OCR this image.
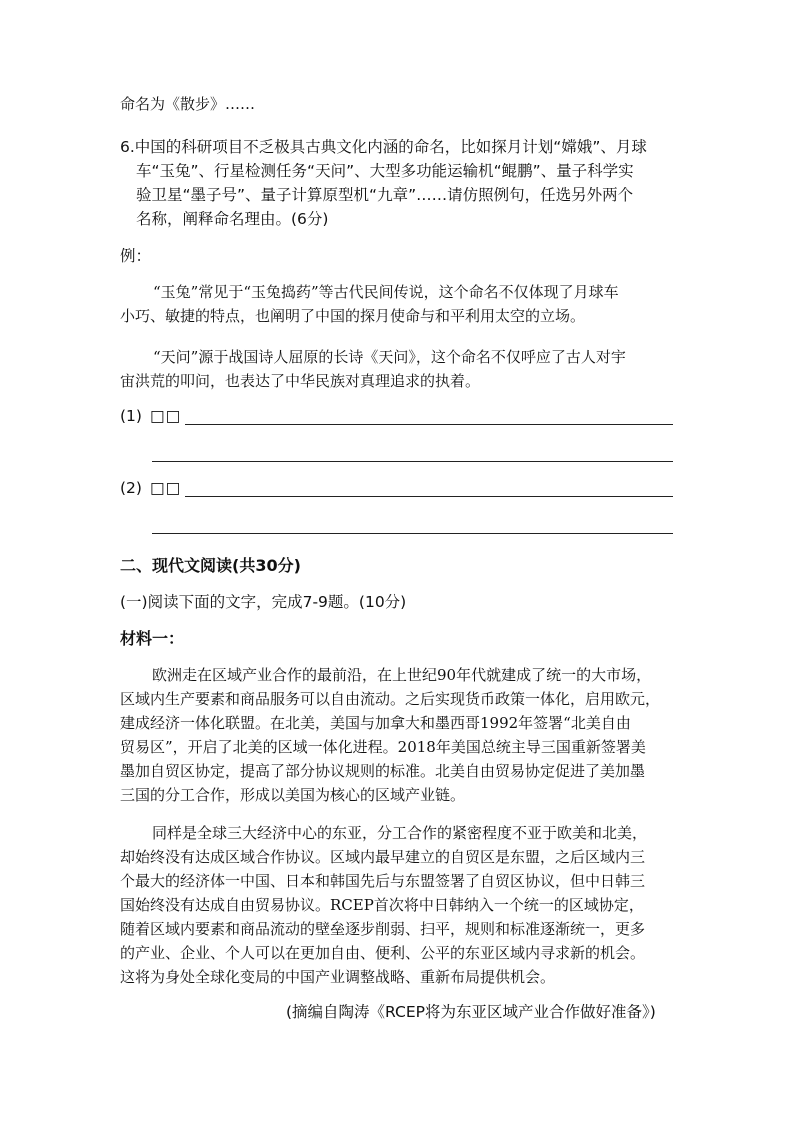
命名为《散步》……
6.中国的科研项目不乏极具古典文化内涵的命名，比如探月计划“嫦娥”、月球
车“玉兔”、行星检测任务“天问”、大型多功能运输机“鲲鹏”、量子科学实
验卫星“墨子号”、量子计算原型机“九章”……请仿照例句，任选另外两个
名称，阐释命名理由。(6分)
例：
“玉兔”常见于“玉兔捣药”等古代民间传说，这个命名不仅体现了月球车
小巧、敏捷的特点，也阐明了中国的探月使命与和平利用太空的立场。
“天问”源于战国诗人屈原的长诗《天问》，这个命名不仅呼应了古人对宇
宙洪荒的叩问，也表达了中华民族对真理追求的执着。
(1) □□
(2) □□
二、现代文阅读(共30分)
(一)阅读下面的文字，完成7-9题。(10分)
材料一：
欧洲走在区域产业合作的最前沿，在上世纪90年代就建成了统一的大市场，
区域内生产要素和商品服务可以自由流动。之后实现货币政策一体化，启用欧元，
建成经济一体化联盟。在北美，美国与加拿大和墨西哥1992年签署“北美自由
贸易区”，开启了北美的区域一体化进程。2018年美国总统主导三国重新签署美
墨加自贸区协定，提高了部分协议规则的标准。北美自由贸易协定促进了美加墨
三国的分工合作，形成以美国为核心的区域产业链。
同样是全球三大经济中心的东亚，分工合作的紧密程度不亚于欧美和北美，
却始终没有达成区域合作协议。区域内最早建立的自贸区是东盟，之后区域内三
个最大的经济体一中国、日本和韩国先后与东盟签署了自贸区协议，但中日韩三
国始终没有达成自由贸易协议。RCEP首次将中日韩纳入一个统一的区域协定，
随着区域内要素和商品流动的壁垒逐步削弱、扫平，规则和标准逐渐统一，更多
的产业、企业、个人可以在更加自由、便利、公平的东亚区域内寻求新的机会。
这将为身处全球化变局的中国产业调整战略、重新布局提供机会。
(摘编自陶涛《RCEP将为东亚区域产业合作做好准备》)
